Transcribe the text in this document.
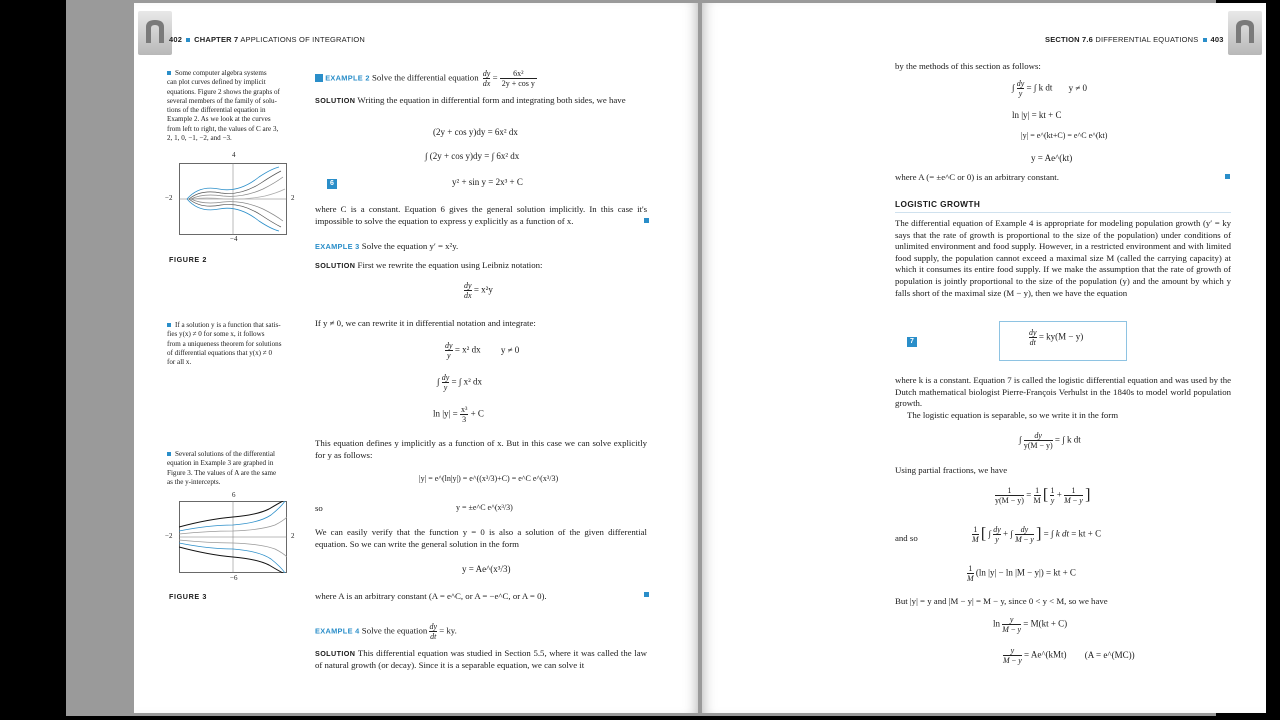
402 CHAPTER 7 APPLICATIONS OF INTEGRATION
Some computer algebra systems
can plot curves defined by implicit
equations. Figure 2 shows the graphs of
several members of the family of solu-
tions of the differential equation in
Example 2. As we look at the curves
from left to right, the values of C are 3,
2, 1, 0, −1, −2, and −3.
4
−2	2
−4
FIGURE 2
If a solution y is a function that satis-
fies y(x) ≠ 0 for some x, it follows
from a uniqueness theorem for solutions
of differential equations that y(x) ≠ 0
for all x.
Several solutions of the differential
equation in Example 3 are graphed in
Figure 3. The values of A are the same
as the y-intercepts.
6
−2	2
−6
FIGURE 3
EXAMPLE 2 Solve the differential equation $\frac{dy}{dx} = \frac{\text{6x²}}{\text{2y + cos y}}$
SOLUTION Writing the equation in differential form and integrating both sides, we have
(2y + cos y)dy = 6x² dx
∫ (2y + cos y)dy = ∫ 6x² dx
6	y² + sin y = 2x³ + C
where C is a constant. Equation 6 gives the general solution implicitly. In this case it's impossible to solve the equation to express y explicitly as a function of x.
EXAMPLE 3 Solve the equation y′ = x²y.
SOLUTION First we rewrite the equation using Leibniz notation:
$\frac{dy}{dx} = x^2y$
If y ≠ 0, we can rewrite it in differential notation and integrate:
$\frac{dy}{y} = x^2$ dx y ≠ 0
∫ $\frac{dy}{y}$ = ∫ x² dx
$\ln |y| = \frac{\text{x³}}{3} + C$
This equation defines y implicitly as a function of x. But in this case we can solve explicitly for y as follows:
|y| = e^(ln|y|) = e^((x³/3)+C) = e^C e^(x³/3)
so	y = ±e^C e^(x³/3)
We can easily verify that the function y = 0 is also a solution of the given differential equation. So we can write the general solution in the form
y = Ae^(x³/3)
where A is an arbitrary constant (A = e^C, or A = −e^C, or A = 0).
EXAMPLE 4 Solve the equation $\frac{dy}{dt}$ = ky.
SOLUTION This differential equation was studied in Section 5.5, where it was called the law of natural growth (or decay). Since it is a separable equation, we can solve it
SECTION 7.6 DIFFERENTIAL EQUATIONS 403
by the methods of this section as follows:
∫ $\frac{dy}{y}$ = ∫ k dt y ≠ 0
ln |y| = kt + C
|y| = e^(kt+C) = e^C e^(kt)
y = Ae^(kt)
where A (= ±e^C or 0) is an arbitrary constant.
LOGISTIC GROWTH
The differential equation of Example 4 is appropriate for modeling population growth (y′ = ky says that the rate of growth is proportional to the size of the population) under conditions of unlimited environment and food supply. However, in a restricted environment and with limited food supply, the population cannot exceed a maximal size M (called the carrying capacity) at which it consumes its entire food supply. If we make the assumption that the rate of growth of population is jointly proportional to the size of the population (y) and the amount by which y falls short of the maximal size (M − y), then we have the equation
7	$\frac{dy}{dt} = ky(M - y)$
where k is a constant. Equation 7 is called the logistic differential equation and was used by the Dutch mathematical biologist Pierre-François Verhulst in the 1840s to model world population growth.
The logistic equation is separable, so we write it in the form
∫ $\frac{dy}{y(M - y)}$ = ∫ k dt
Using partial fractions, we have
$\frac{1}{y(M - y)} = \frac{1}{M}$ [ $\frac{1}{y} + \frac{1}{M - y}$ ]
and so	$\frac{1}{M}$ [ ∫ $\frac{dy}{y}$ + ∫ $\frac{dy}{M - y}$ ] = ∫ k dt = kt + C
$\frac{1}{M} (\ln$ |y| − ln |M − y|) = kt + C
But |y| = y and |M − y| = M − y, since 0 < y < M, so we have
$\ln \frac{y}{M - y} = M(kt + C)$
$\frac{y}{M - y}$ = Ae^(kMt) (A = e^(MC))
